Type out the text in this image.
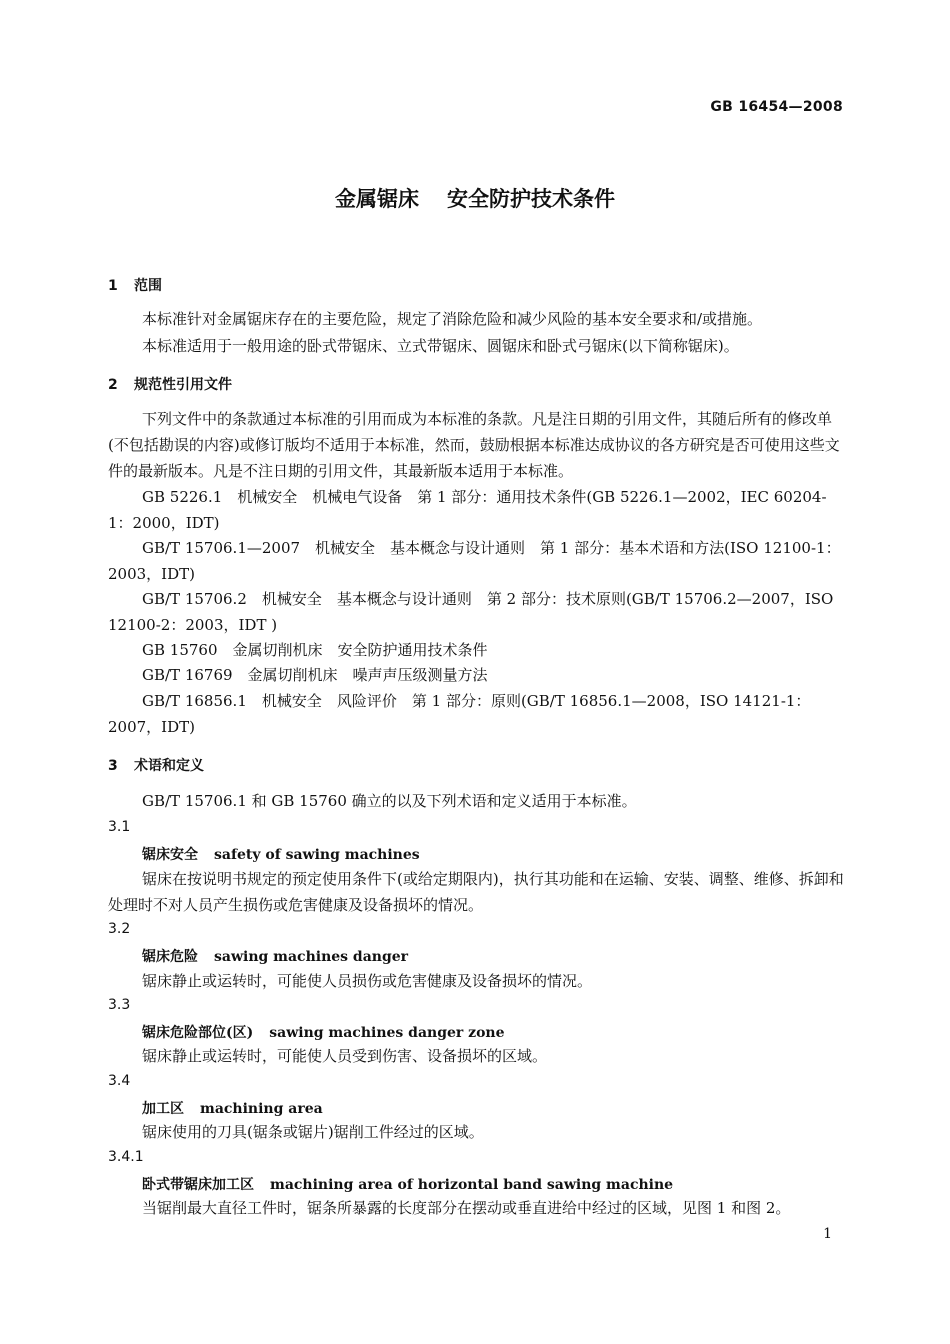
GB 16454—2008
金属锯床 安全防护技术条件
1 范围
本标准针对金属锯床存在的主要危险，规定了消除危险和减少风险的基本安全要求和/或措施。
本标准适用于一般用途的卧式带锯床、立式带锯床、圆锯床和卧式弓锯床(以下简称锯床)。
2 规范性引用文件
下列文件中的条款通过本标准的引用而成为本标准的条款。凡是注日期的引用文件，其随后所有的修改单(不包括勘误的内容)或修订版均不适用于本标准，然而，鼓励根据本标准达成协议的各方研究是否可使用这些文件的最新版本。凡是不注日期的引用文件，其最新版本适用于本标准。
GB 5226.1　机械安全　机械电气设备　第 1 部分：通用技术条件(GB 5226.1—2002，IEC 60204-1：2000，IDT)
GB/T 15706.1—2007　机械安全　基本概念与设计通则　第 1 部分：基本术语和方法(ISO 12100-1：2003，IDT)
GB/T 15706.2　机械安全　基本概念与设计通则　第 2 部分：技术原则(GB/T 15706.2—2007，ISO 12100-2：2003，IDT )
GB 15760　金属切削机床　安全防护通用技术条件
GB/T 16769　金属切削机床　噪声声压级测量方法
GB/T 16856.1　机械安全　风险评价　第 1 部分：原则(GB/T 16856.1—2008，ISO 14121-1：2007，IDT)
3 术语和定义
GB/T 15706.1 和 GB 15760 确立的以及下列术语和定义适用于本标准。
3.1
锯床安全 safety of sawing machines
锯床在按说明书规定的预定使用条件下(或给定期限内)，执行其功能和在运输、安装、调整、维修、拆卸和处理时不对人员产生损伤或危害健康及设备损坏的情况。
3.2
锯床危险 sawing machines danger
锯床静止或运转时，可能使人员损伤或危害健康及设备损坏的情况。
3.3
锯床危险部位(区) sawing machines danger zone
锯床静止或运转时，可能使人员受到伤害、设备损坏的区域。
3.4
加工区 machining area
锯床使用的刀具(锯条或锯片)锯削工件经过的区域。
3.4.1
卧式带锯床加工区 machining area of horizontal band sawing machine
当锯削最大直径工件时，锯条所暴露的长度部分在摆动或垂直进给中经过的区域，见图 1 和图 2。
1
